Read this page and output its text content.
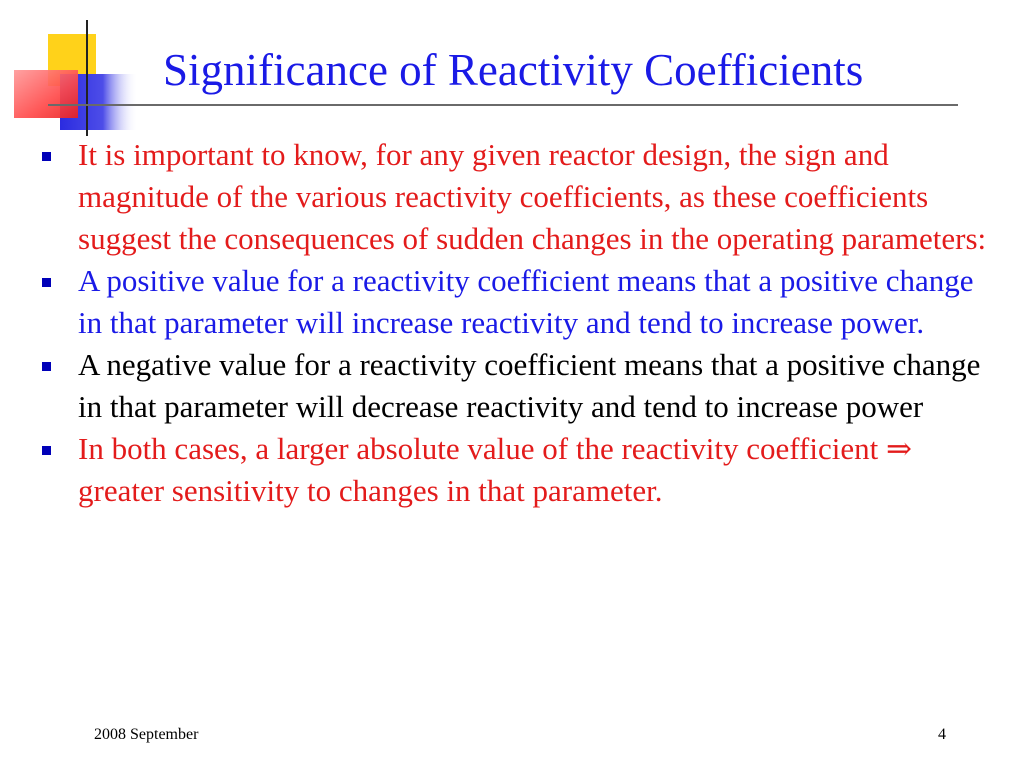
Significance of Reactivity Coefficients
It is important to know, for any given reactor design, the sign and magnitude of the various reactivity coefficients, as these coefficients suggest the consequences of sudden changes in the operating parameters:
A positive value for a reactivity coefficient means that a positive change in that parameter will increase reactivity and tend to increase power.
A negative value for a reactivity coefficient means that a positive change in that parameter will decrease reactivity and tend to increase power
In both cases, a larger absolute value of the reactivity coefficient ⇒ greater sensitivity to changes in that parameter.
2008 September	4
